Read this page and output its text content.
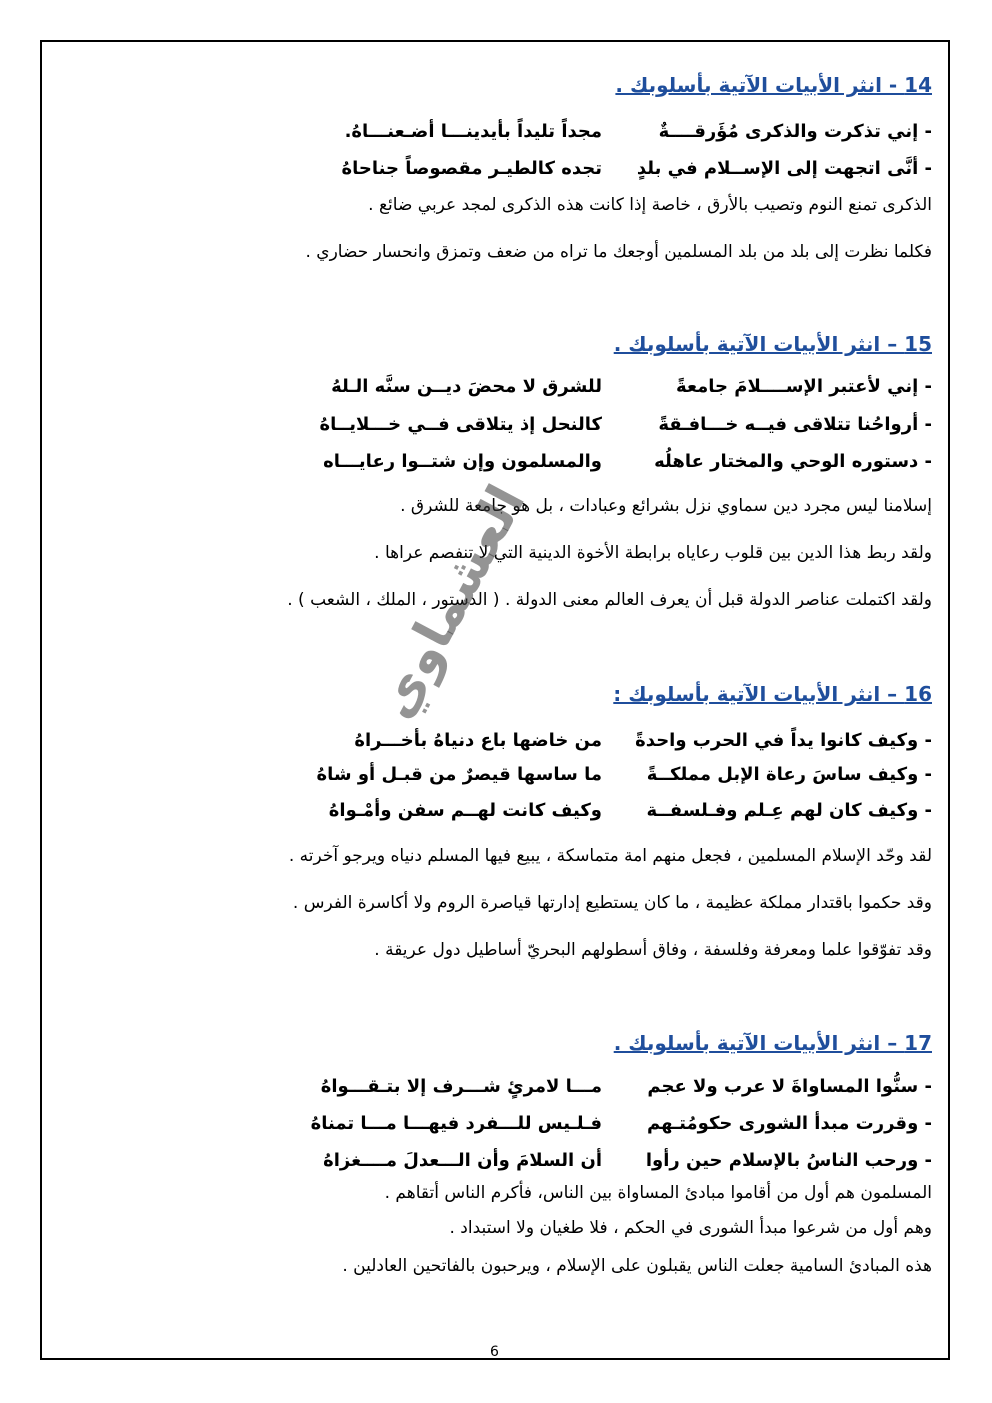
14 - انثر الأبيات الآتية بأسلوبك .
- إني تذكرت والذكرى مُؤَرقــــةٌ
مجداً تليداً بأيدينـــا أضـعنـــاهُ.
- أنَّى اتجهت إلى الإســلام في بلدٍ
تجده كالطيـر مقصوصاً جناحاهُ
الذكرى تمنع النوم وتصيب بالأرق ، خاصة إذا كانت هذه الذكرى لمجد عربي ضائع .
فكلما نظرت إلى بلد من بلد المسلمين أوجعك ما تراه من ضعف وتمزق وانحسار حضاري .
15 – انثر الأبيات الآتية بأسلوبك .
- إني لأعتبر الإســــلامَ جامعةً
للشرق لا محضَ ديــن سنَّه الـلهُ
- أرواحُنا تتلاقى فيــه خـــافـقةً
كالنحل إذ يتلاقى فــي خـــلايــاهُ
- دستوره الوحي والمختار عاهلُه
والمسلمون وإن شتــوا رعايـــاه
إسلامنا ليس مجرد دين سماوي نزل بشرائع وعبادات ، بل هو جامعة للشرق .
ولقد ربط هذا الدين بين قلوب رعاياه برابطة الأخوة الدينية التي لا تنفصم عراها .
ولقد اكتملت عناصر الدولة قبل أن يعرف العالم معنى الدولة . ( الدستور ، الملك ، الشعب ) .
16 – انثر الأبيات الآتية بأسلوبك :
- وكيف كانوا يداً في الحرب واحدةً
من خاضها باع دنياهُ بأخـــراهُ
- وكيف ساسَ رعاة الإبل مملكــةً
ما ساسها قيصرٌ من قبـل أو شاهُ
- وكيف كان لهم عِـلم وفـلسفــة
وكيف كانت لهــم سفن وأمْـواهُ
لقد وحّد الإسلام المسلمين ، فجعل منهم امة متماسكة ، يبيع فيها المسلم دنياه ويرجو آخرته .
وقد حكموا باقتدار مملكة عظيمة ، ما كان يستطيع إدارتها قياصرة الروم ولا أكاسرة الفرس .
وقد تفوّقوا علما ومعرفة وفلسفة ، وفاق أسطولهم البحريّ أساطيل دول عريقة .
17 – انثر الأبيات الآتية بأسلوبك .
- سنُّوا المساواةَ لا عرب ولا عجم
مـــا لامرئٍ شـــرف إلا بتـقـــواهُ
- وقررت مبدأ الشورى حكومُتـهم
فـلـيس للـــفرد فيهـــا مـــا تمناهُ
- ورحب الناسُ بالإسلام حين رأوا
أن السلامَ وأن الـــعدلَ مــــغزاهُ
المسلمون هم أول من أقاموا مبادئ المساواة بين الناس، فأكرم الناس أتقاهم .
وهم أول من شرعوا مبدأ الشورى في الحكم ، فلا طغيان ولا استبداد .
هذه المبادئ السامية جعلت الناس يقبلون على الإسلام ، ويرحبون بالفاتحين العادلين .
العشماوي
6
